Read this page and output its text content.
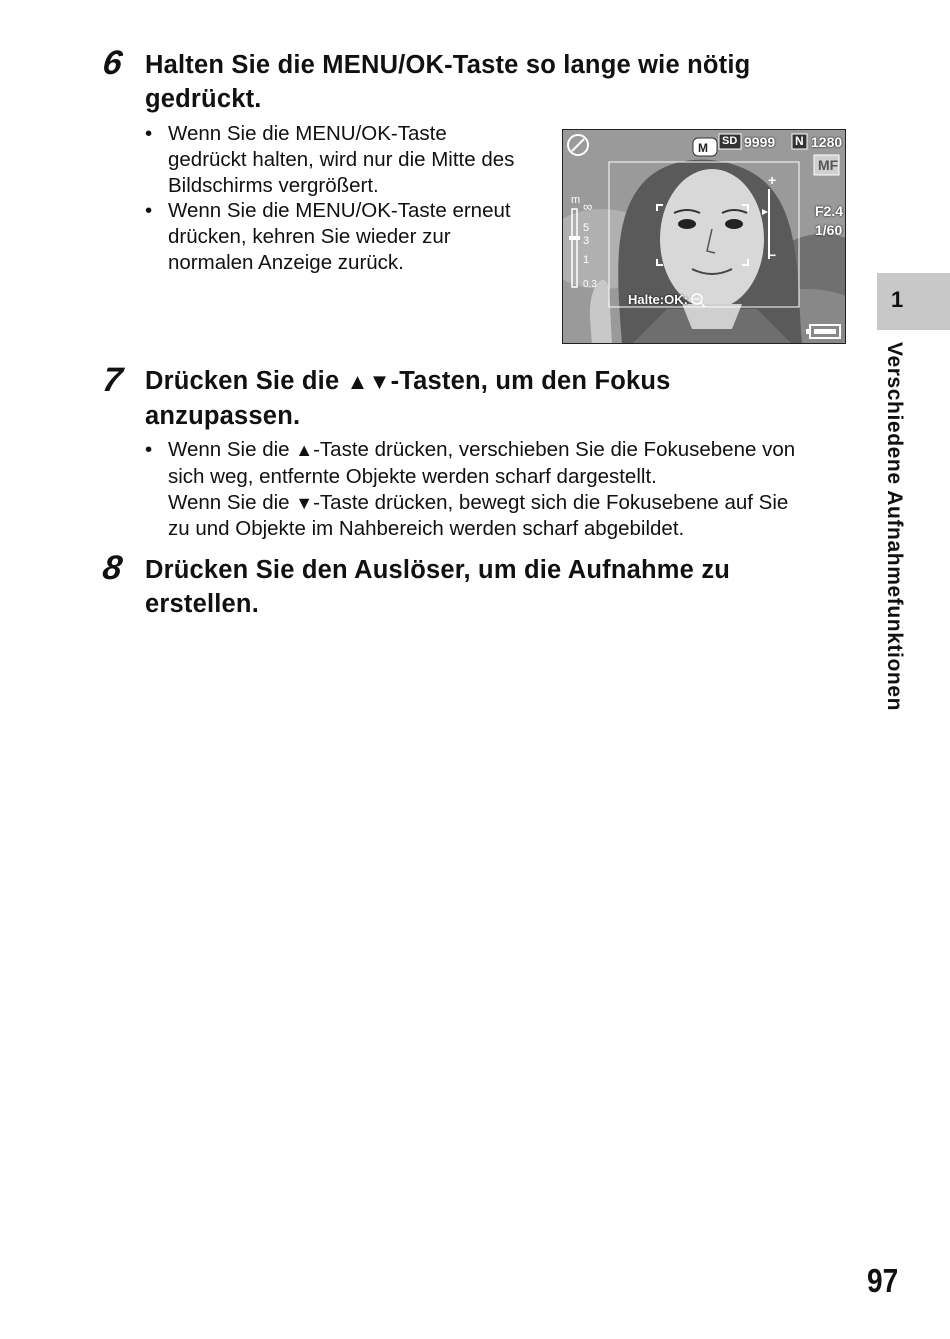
6 Halten Sie die MENU/OK-Taste so lange wie nötig
gedrückt.
• Wenn Sie die MENU/OK-Taste
gedrückt halten, wird nur die Mitte des
Bildschirms vergrößert.
• Wenn Sie die MENU/OK-Taste erneut
drücken, kehren Sie wieder zur
normalen Anzeige zurück.
M SD 9999 N 1280
MF
m ∞
5
3
1
0.3
+
−
F2.4
1/60
Halte:OK:
7 Drücken Sie die ▲▼-Tasten, um den Fokus
anzupassen.
• Wenn Sie die ▲-Taste drücken, verschieben Sie die Fokusebene von
sich weg, entfernte Objekte werden scharf dargestellt.
Wenn Sie die ▼-Taste drücken, bewegt sich die Fokusebene auf Sie
zu und Objekte im Nahbereich werden scharf abgebildet.
8 Drücken Sie den Auslöser, um die Aufnahme zu
erstellen.
1
Verschiedene Aufnahmefunktionen
97
